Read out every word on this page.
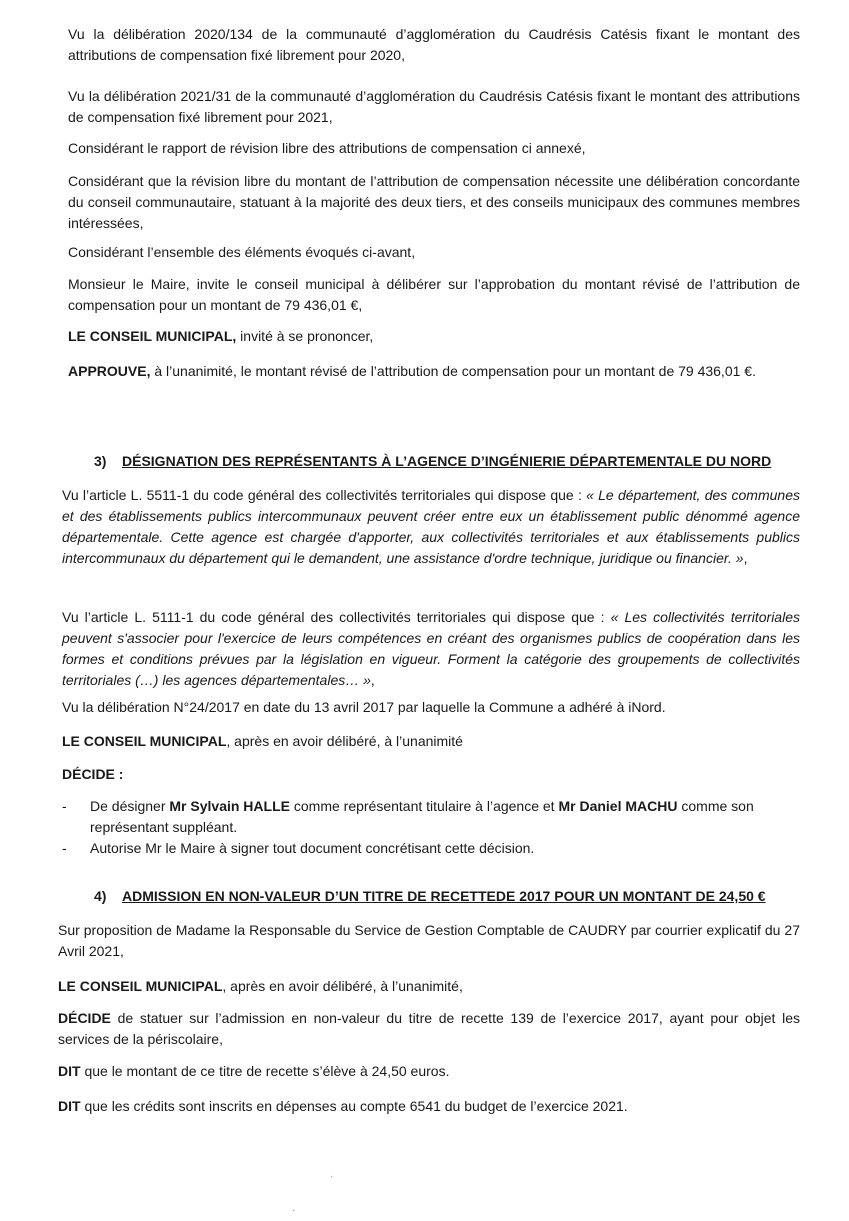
Vu la délibération 2020/134 de la communauté d’agglomération du Caudrésis Catésis fixant le montant des attributions de compensation fixé librement pour 2020,

Vu la délibération 2021/31 de la communauté d’agglomération du Caudrésis Catésis fixant le montant des attributions de compensation fixé librement pour 2021,

Considérant le rapport de révision libre des attributions de compensation ci annexé,

Considérant que la révision libre du montant de l’attribution de compensation nécessite une délibération concordante du conseil communautaire, statuant à la majorité des deux tiers, et des conseils municipaux des communes membres intéressées,

Considérant l’ensemble des éléments évoqués ci-avant,

Monsieur le Maire, invite le conseil municipal à délibérer sur l’approbation du montant révisé de l’attribution de compensation pour un montant de 79 436,01 €,

LE CONSEIL MUNICIPAL, invité à se prononcer,

APPROUVE, à l’unanimité, le montant révisé de l’attribution de compensation pour un montant de 79 436,01 €.

3) DÉSIGNATION DES REPRÉSENTANTS À L’AGENCE D’INGÉNIERIE DÉPARTEMENTALE DU NORD

Vu l’article L. 5511-1 du code général des collectivités territoriales qui dispose que : « Le département, des communes et des établissements publics intercommunaux peuvent créer entre eux un établissement public dénommé agence départementale. Cette agence est chargée d'apporter, aux collectivités territoriales et aux établissements publics intercommunaux du département qui le demandent, une assistance d'ordre technique, juridique ou financier. »,

Vu l’article L. 5111-1 du code général des collectivités territoriales qui dispose que : « Les collectivités territoriales peuvent s'associer pour l'exercice de leurs compétences en créant des organismes publics de coopération dans les formes et conditions prévues par la législation en vigueur. Forment la catégorie des groupements de collectivités territoriales (…) les agences départementales… »,

Vu la délibération N°24/2017 en date du 13 avril 2017 par laquelle la Commune a adhéré à iNord.

LE CONSEIL MUNICIPAL, après en avoir délibéré, à l’unanimité

DÉCIDE :

- De désigner Mr Sylvain HALLE comme représentant titulaire à l’agence et Mr Daniel MACHU comme son représentant suppléant.
- Autorise Mr le Maire à signer tout document concrétisant cette décision.
4) ADMISSION EN NON-VALEUR D’UN TITRE DE RECETTEDE 2017 POUR UN MONTANT DE 24,50 €

Sur proposition de Madame la Responsable du Service de Gestion Comptable de CAUDRY par courrier explicatif du 27 Avril 2021,

LE CONSEIL MUNICIPAL, après en avoir délibéré, à l’unanimité,

DÉCIDE de statuer sur l’admission en non-valeur du titre de recette 139 de l’exercice 2017, ayant pour objet les services de la périscolaire,

DIT que le montant de ce titre de recette s’élève à 24,50 euros.

DIT que les crédits sont inscrits en dépenses au compte 6541 du budget de l’exercice 2021.

·
·
